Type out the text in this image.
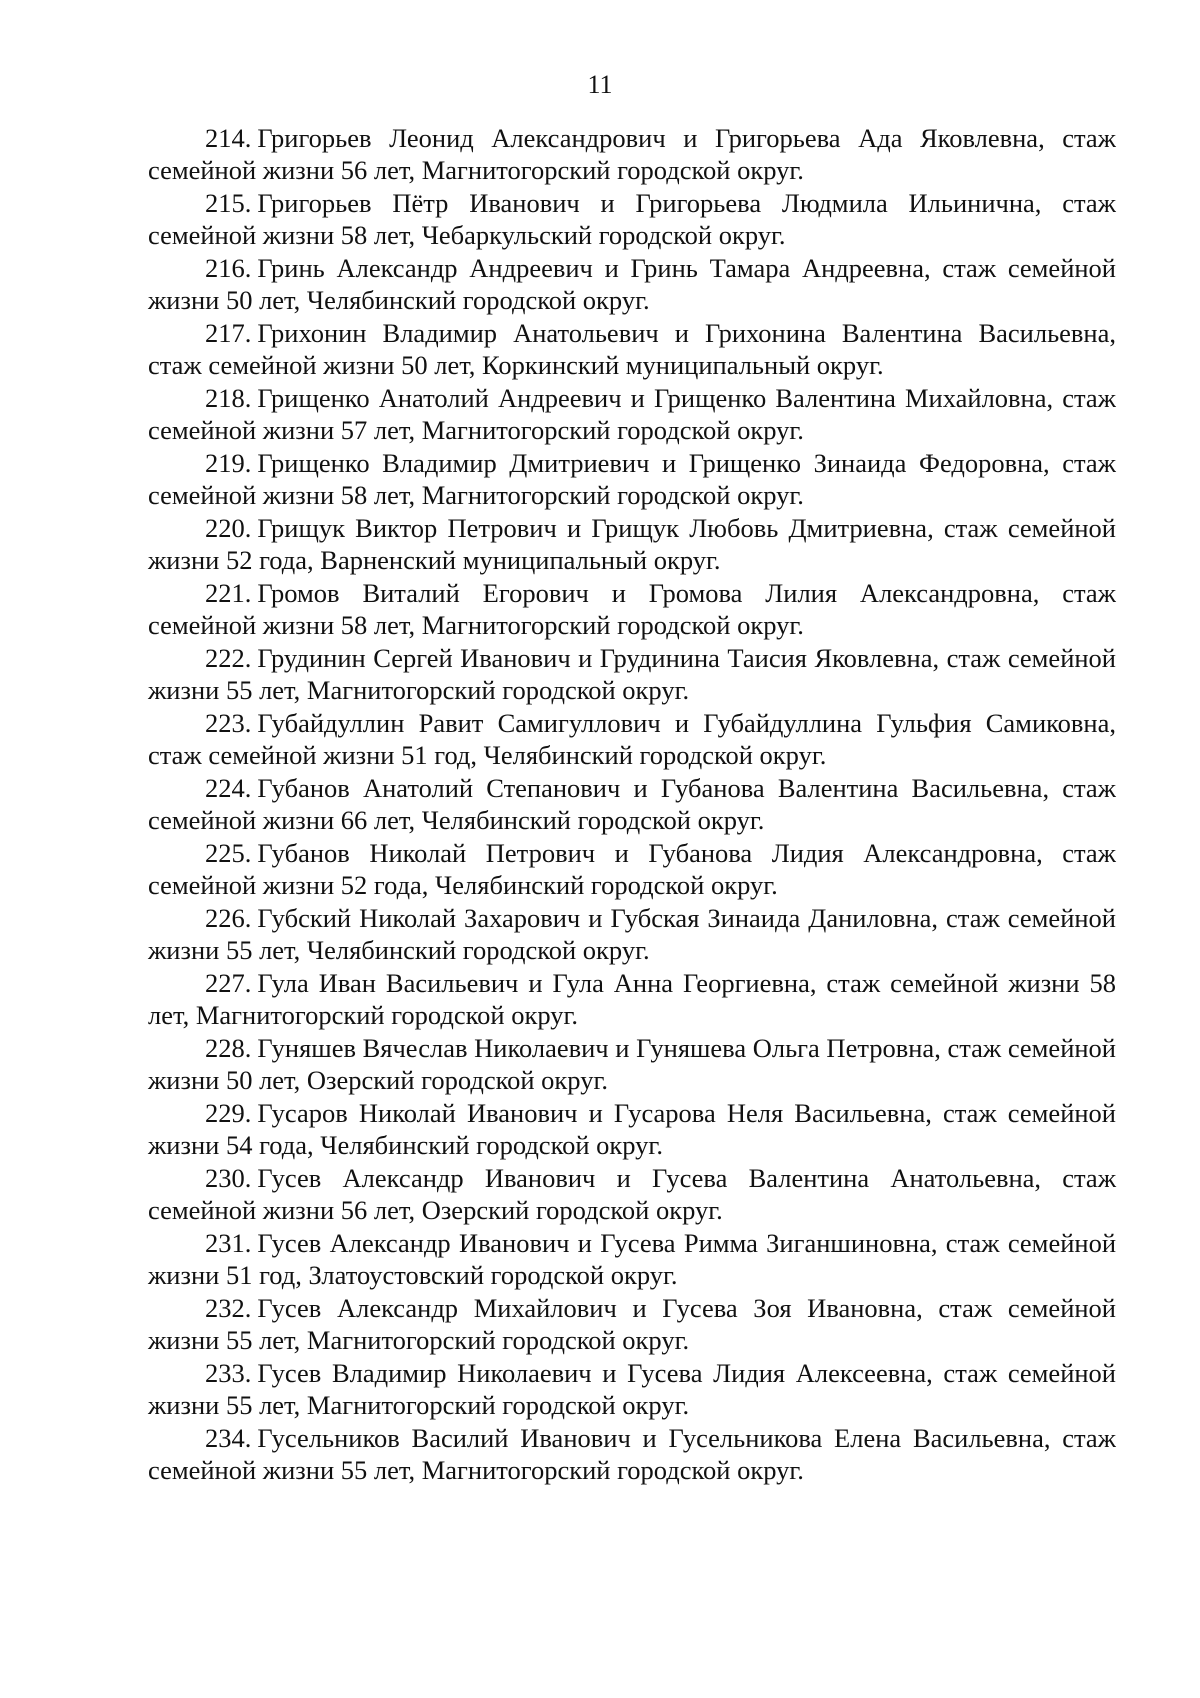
11

214. Григорьев Леонид Александрович и Григорьева Ада Яковлевна, стаж семейной жизни 56 лет, Магнитогорский городской округ.

215. Григорьев Пётр Иванович и Григорьева Людмила Ильинична, стаж семейной жизни 58 лет, Чебаркульский городской округ.

216. Гринь Александр Андреевич и Гринь Тамара Андреевна, стаж семейной жизни 50 лет, Челябинский городской округ.

217. Грихонин Владимир Анатольевич и Грихонина Валентина Васильевна, стаж семейной жизни 50 лет, Коркинский муниципальный округ.

218. Грищенко Анатолий Андреевич и Грищенко Валентина Михайловна, стаж семейной жизни 57 лет, Магнитогорский городской округ.

219. Грищенко Владимир Дмитриевич и Грищенко Зинаида Федоровна, стаж семейной жизни 58 лет, Магнитогорский городской округ.

220. Грищук Виктор Петрович и Грищук Любовь Дмитриевна, стаж семейной жизни 52 года, Варненский муниципальный округ.

221. Громов Виталий Егорович и Громова Лилия Александровна, стаж семейной жизни 58 лет, Магнитогорский городской округ.

222. Грудинин Сергей Иванович и Грудинина Таисия Яковлевна, стаж семейной жизни 55 лет, Магнитогорский городской округ.

223. Губайдуллин Равит Самигуллович и Губайдуллина Гульфия Самиковна, стаж семейной жизни 51 год, Челябинский городской округ.

224. Губанов Анатолий Степанович и Губанова Валентина Васильевна, стаж семейной жизни 66 лет, Челябинский городской округ.

225. Губанов Николай Петрович и Губанова Лидия Александровна, стаж семейной жизни 52 года, Челябинский городской округ.

226. Губский Николай Захарович и Губская Зинаида Даниловна, стаж семейной жизни 55 лет, Челябинский городской округ.

227. Гула Иван Васильевич и Гула Анна Георгиевна, стаж семейной жизни 58 лет, Магнитогорский городской округ.

228. Гуняшев Вячеслав Николаевич и Гуняшева Ольга Петровна, стаж семейной жизни 50 лет, Озерский городской округ.

229. Гусаров Николай Иванович и Гусарова Неля Васильевна, стаж семейной жизни 54 года, Челябинский городской округ.

230. Гусев Александр Иванович и Гусева Валентина Анатольевна, стаж семейной жизни 56 лет, Озерский городской округ.

231. Гусев Александр Иванович и Гусева Римма Зиганшиновна, стаж семейной жизни 51 год, Златоустовский городской округ.

232. Гусев Александр Михайлович и Гусева Зоя Ивановна, стаж семейной жизни 55 лет, Магнитогорский городской округ.

233. Гусев Владимир Николаевич и Гусева Лидия Алексеевна, стаж семейной жизни 55 лет, Магнитогорский городской округ.

234. Гусельников Василий Иванович и Гусельникова Елена Васильевна, стаж семейной жизни 55 лет, Магнитогорский городской округ.
